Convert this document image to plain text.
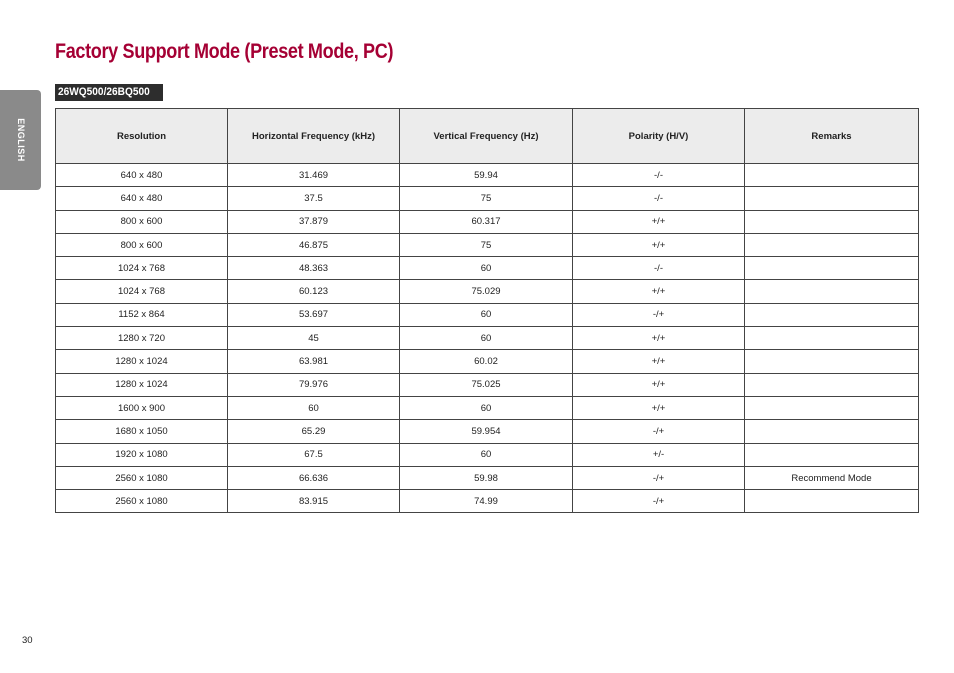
ENGLISH
Factory Support Mode (Preset Mode, PC)
26WQ500/26BQ500
Resolution	Horizontal Frequency (kHz)	Vertical Frequency (Hz)	Polarity (H/V)	Remarks
640 x 480	31.469	59.94	-/-	
640 x 480	37.5	75	-/-	
800 x 600	37.879	60.317	+/+	
800 x 600	46.875	75	+/+	
1024 x 768	48.363	60	-/-	
1024 x 768	60.123	75.029	+/+	
1152 x 864	53.697	60	-/+	
1280 x 720	45	60	+/+	
1280 x 1024	63.981	60.02	+/+	
1280 x 1024	79.976	75.025	+/+	
1600 x 900	60	60	+/+	
1680 x 1050	65.29	59.954	-/+	
1920 x 1080	67.5	60	+/-	
2560 x 1080	66.636	59.98	-/+	Recommend Mode
2560 x 1080	83.915	74.99	-/+	
30
